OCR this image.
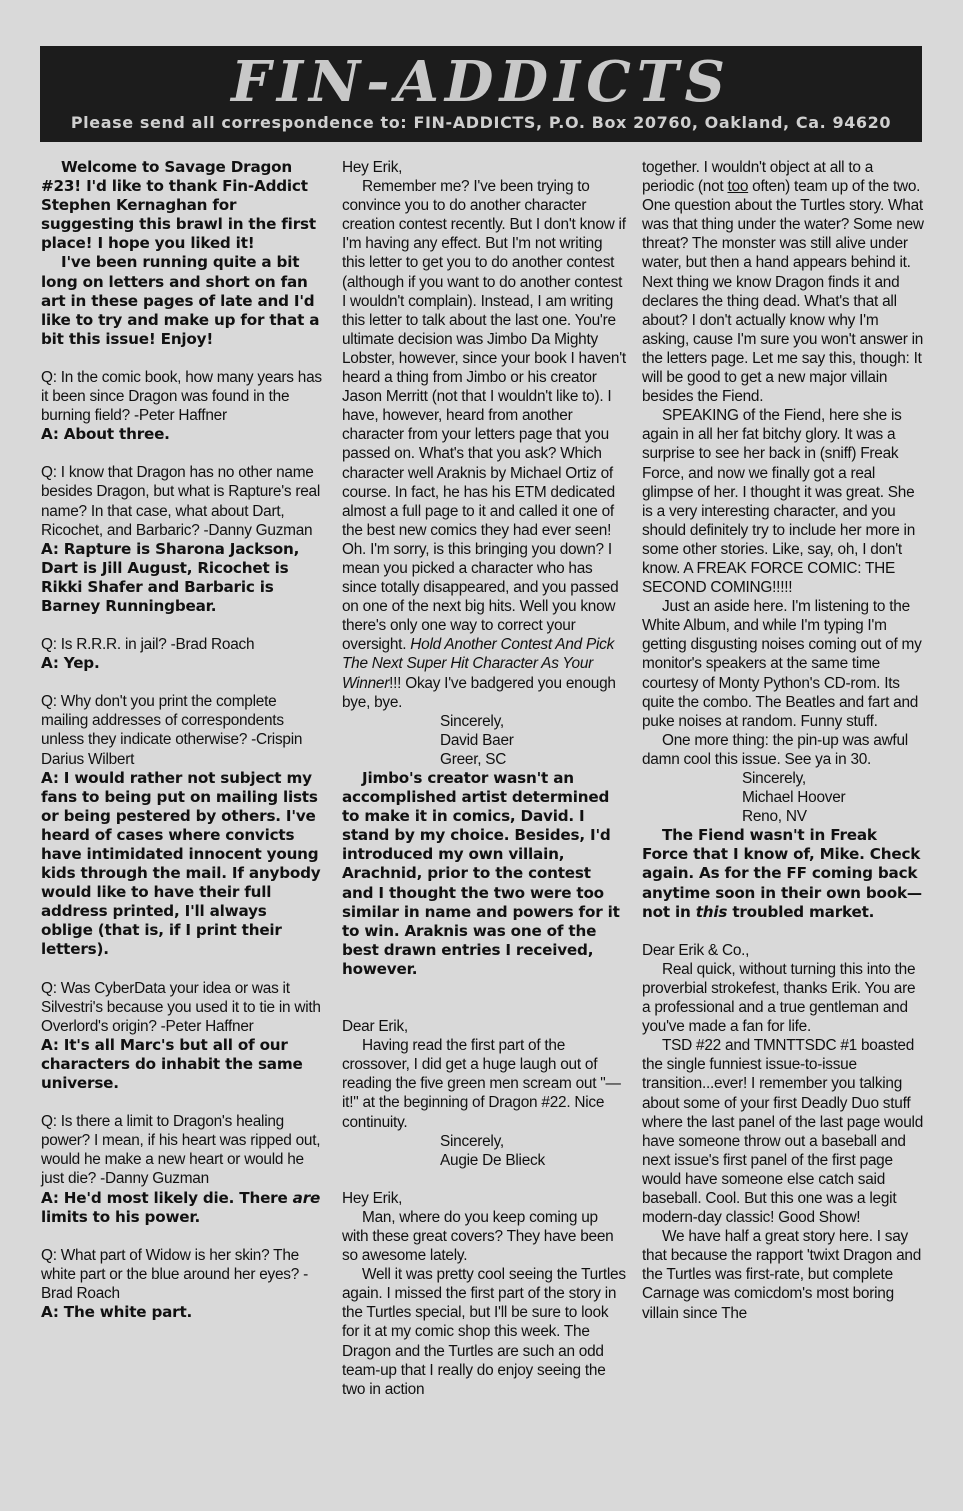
FIN-ADDICTS
Please send all correspondence to: FIN-ADDICTS, P.O. Box 20760, Oakland, Ca. 94620

Welcome to Savage Dragon #23! I'd like to thank Fin-Addict Stephen Kernaghan for suggesting this brawl in the first place! I hope you liked it!

I've been running quite a bit long on letters and short on fan art in these pages of late and I'd like to try and make up for that a bit this issue! Enjoy!

Q: In the comic book, how many years has it been since Dragon was found in the burning field? -Peter Haffner

A: About three.

Q: I know that Dragon has no other name besides Dragon, but what is Rapture's real name? In that case, what about Dart, Ricochet, and Barbaric? -Danny Guzman

A: Rapture is Sharona Jackson, Dart is Jill August, Ricochet is Rikki Shafer and Barbaric is Barney Runningbear.

Q: Is R.R.R. in jail? -Brad Roach

A: Yep.

Q: Why don't you print the complete mailing addresses of correspondents unless they indicate otherwise? -Crispin Darius Wilbert

A: I would rather not subject my fans to being put on mailing lists or being pestered by others. I've heard of cases where convicts have intimidated innocent young kids through the mail. If anybody would like to have their full address printed, I'll always oblige (that is, if I print their letters).

Q: Was CyberData your idea or was it Silvestri's because you used it to tie in with Overlord's origin? -Peter Haffner

A: It's all Marc's but all of our characters do inhabit the same universe.

Q: Is there a limit to Dragon's healing power? I mean, if his heart was ripped out, would he make a new heart or would he just die? -Danny Guzman

A: He'd most likely die. There are limits to his power.

Q: What part of Widow is her skin? The white part or the blue around her eyes? -Brad Roach

A: The white part.

Hey Erik,

Remember me? I've been trying to convince you to do another character creation contest recently. But I don't know if I'm having any effect. But I'm not writing this letter to get you to do another contest (although if you want to do another contest I wouldn't complain). Instead, I am writing this letter to talk about the last one. You're ultimate decision was Jimbo Da Mighty Lobster, however, since your book I haven't heard a thing from Jimbo or his creator Jason Merritt (not that I wouldn't like to). I have, however, heard from another character from your letters page that you passed on. What's that you ask? Which character well Araknis by Michael Ortiz of course. In fact, he has his ETM dedicated almost a full page to it and called it one of the best new comics they had ever seen! Oh. I'm sorry, is this bringing you down? I mean you picked a character who has since totally disappeared, and you passed on one of the next big hits. Well you know there's only one way to correct your oversight. Hold Another Contest And Pick The Next Super Hit Character As Your Winner!!! Okay I've badgered you enough bye, bye.

Sincerely,

David Baer

Greer, SC

Jimbo's creator wasn't an accomplished artist determined to make it in comics, David. I stand by my choice. Besides, I'd introduced my own villain, Arachnid, prior to the contest and I thought the two were too similar in name and powers for it to win. Araknis was one of the best drawn entries I received, however.

Dear Erik,

Having read the first part of the crossover, I did get a huge laugh out of reading the five green men scream out "—it!" at the beginning of Dragon #22. Nice continuity.

Sincerely,

Augie De Blieck

Hey Erik,

Man, where do you keep coming up with these great covers? They have been so awesome lately.

Well it was pretty cool seeing the Turtles again. I missed the first part of the story in the Turtles special, but I'll be sure to look for it at my comic shop this week. The Dragon and the Turtles are such an odd team-up that I really do enjoy seeing the two in action

together. I wouldn't object at all to a periodic (not too often) team up of the two. One question about the Turtles story. What was that thing under the water? Some new threat? The monster was still alive under water, but then a hand appears behind it. Next thing we know Dragon finds it and declares the thing dead. What's that all about? I don't actually know why I'm asking, cause I'm sure you won't answer in the letters page. Let me say this, though: It will be good to get a new major villain besides the Fiend.

SPEAKING of the Fiend, here she is again in all her fat bitchy glory. It was a surprise to see her back in (sniff) Freak Force, and now we finally got a real glimpse of her. I thought it was great. She is a very interesting character, and you should definitely try to include her more in some other stories. Like, say, oh, I don't know. A FREAK FORCE COMIC: THE SECOND COMING!!!!!

Just an aside here. I'm listening to the White Album, and while I'm typing I'm getting disgusting noises coming out of my monitor's speakers at the same time courtesy of Monty Python's CD-rom. Its quite the combo. The Beatles and fart and puke noises at random. Funny stuff.

One more thing: the pin-up was awful damn cool this issue. See ya in 30.

Sincerely,

Michael Hoover

Reno, NV

The Fiend wasn't in Freak Force that I know of, Mike. Check again. As for the FF coming back anytime soon in their own book— not in this troubled market.

Dear Erik & Co.,

Real quick, without turning this into the proverbial strokefest, thanks Erik. You are a professional and a true gentleman and you've made a fan for life.

TSD #22 and TMNTTSDC #1 boasted the single funniest issue-to-issue transition...ever! I remember you talking about some of your first Deadly Duo stuff where the last panel of the last page would have someone throw out a baseball and next issue's first panel of the first page would have someone else catch said baseball. Cool. But this one was a legit modern-day classic! Good Show!

We have half a great story here. I say that because the rapport 'twixt Dragon and the Turtles was first-rate, but complete Carnage was comicdom's most boring villain since The
